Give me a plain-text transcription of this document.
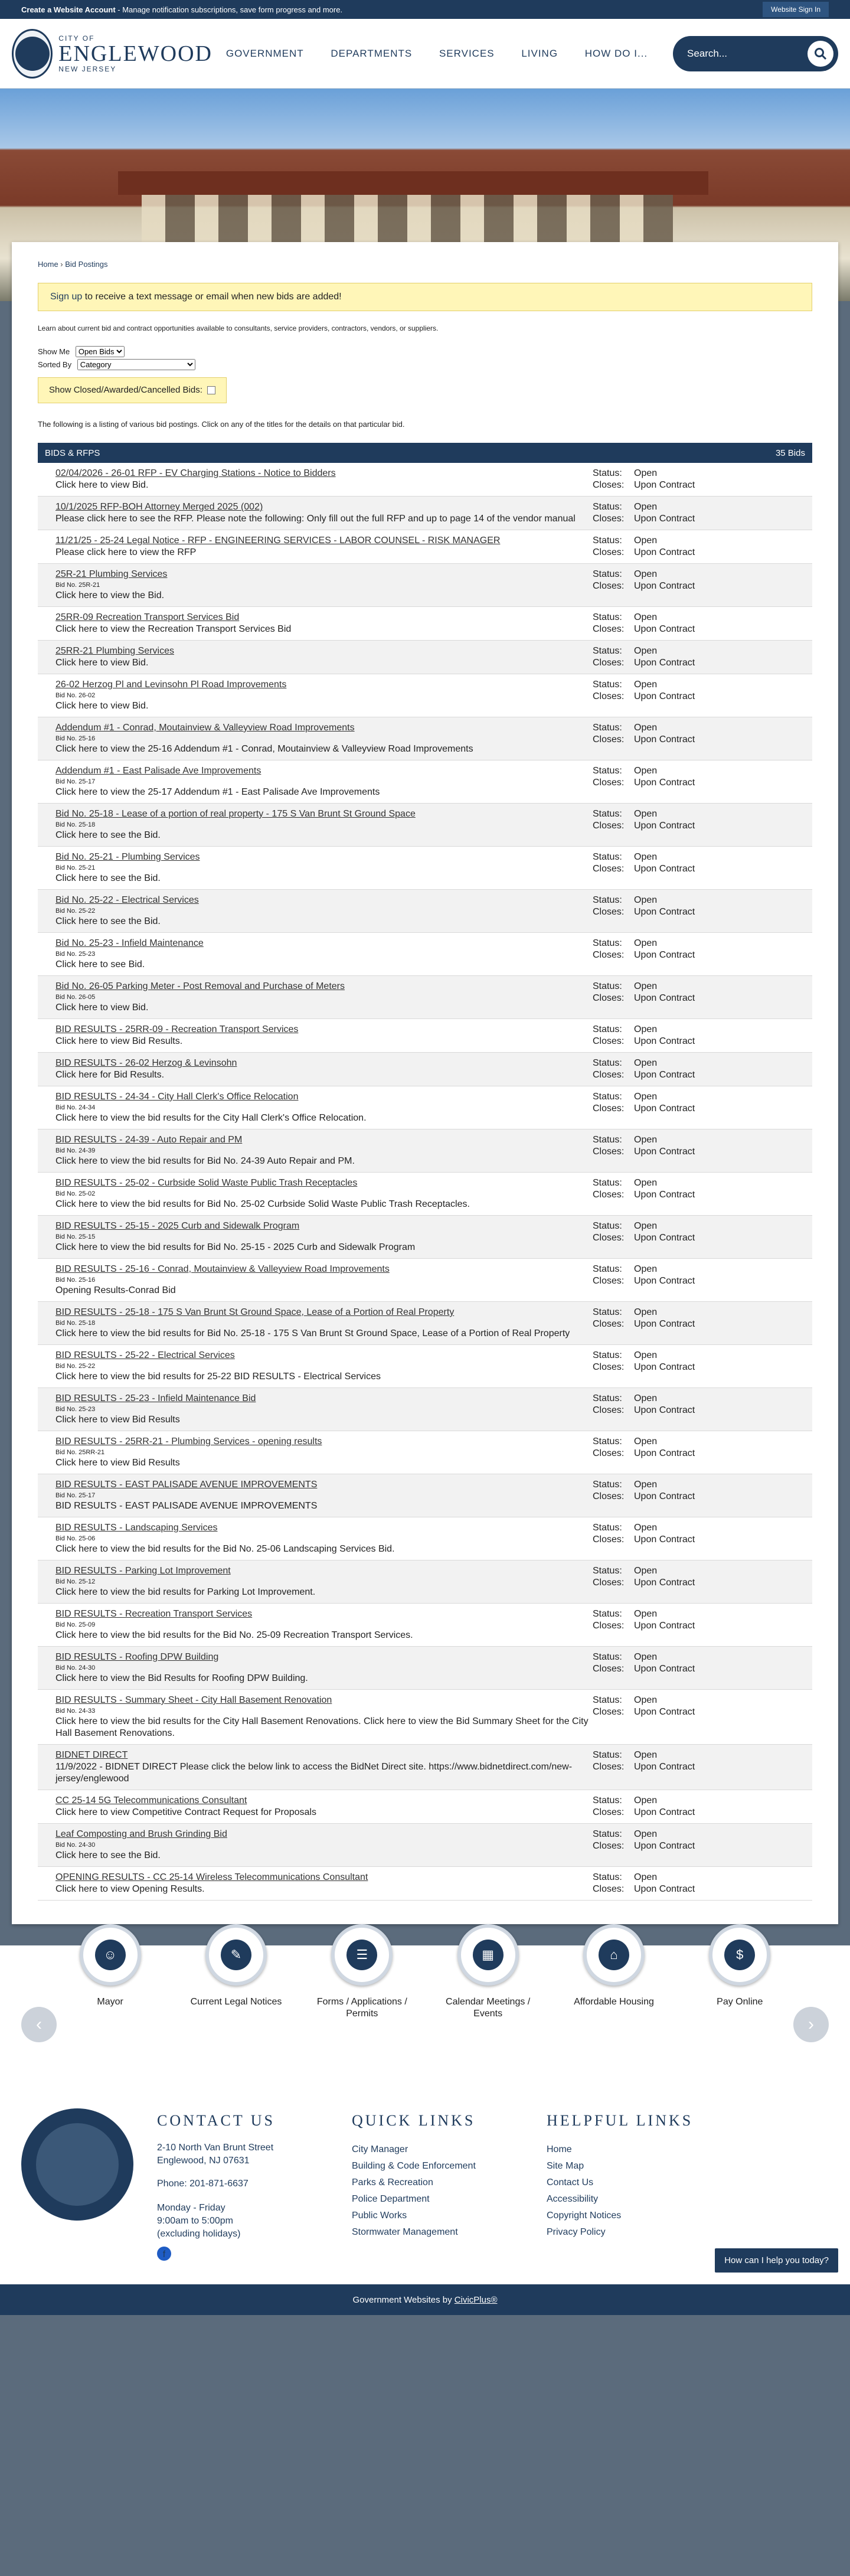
Create a Website Account - Manage notification subscriptions, save form progress and more.	Website Sign In
CITY OF
ENGLEWOOD
NEW JERSEY
GOVERNMENT	DEPARTMENTS	SERVICES	LIVING	HOW DO I...	Search...
Home › Bid Postings
Sign up to receive a text message or email when new bids are added!
Learn about current bid and contract opportunities available to consultants, service providers, contractors, vendors, or suppliers.
Show Me
Open Bids
Sorted By
Category
Show Closed/Awarded/Cancelled Bids:
The following is a listing of various bid postings. Click on any of the titles for the details on that particular bid.
BIDS & RFPS	35 Bids
02/04/2026 - 26-01 RFP - EV Charging Stations - Notice to Bidders
Click here to view Bid.
Status: Open
Closes: Upon Contract
10/1/2025 RFP-BOH Attorney Merged 2025 (002)
Please click here to see the RFP. Please note the following: Only fill out the full RFP and up to page 14 of the vendor manual
Status: Open
Closes: Upon Contract
11/21/25 - 25-24 Legal Notice - RFP - ENGINEERING SERVICES - LABOR COUNSEL - RISK MANAGER
Please click here to view the RFP
Status: Open
Closes: Upon Contract
25R-21 Plumbing Services
Bid No. 25R-21
Click here to view the Bid.
Status: Open
Closes: Upon Contract
25RR-09 Recreation Transport Services Bid
Click here to view the Recreation Transport Services Bid
Status: Open
Closes: Upon Contract
25RR-21 Plumbing Services
Click here to view Bid.
Status: Open
Closes: Upon Contract
26-02 Herzog Pl and Levinsohn Pl Road Improvements
Bid No. 26-02
Click here to view Bid.
Status: Open
Closes: Upon Contract
Addendum #1 - Conrad, Moutainview & Valleyview Road Improvements
Bid No. 25-16
Click here to view the 25-16 Addendum #1 - Conrad, Moutainview & Valleyview Road Improvements
Status: Open
Closes: Upon Contract
Addendum #1 - East Palisade Ave Improvements
Bid No. 25-17
Click here to view the 25-17 Addendum #1 - East Palisade Ave Improvements
Status: Open
Closes: Upon Contract
Bid No. 25-18 - Lease of a portion of real property - 175 S Van Brunt St Ground Space
Bid No. 25-18
Click here to see the Bid.
Status: Open
Closes: Upon Contract
Bid No. 25-21 - Plumbing Services
Bid No. 25-21
Click here to see the Bid.
Status: Open
Closes: Upon Contract
Bid No. 25-22 - Electrical Services
Bid No. 25-22
Click here to see the Bid.
Status: Open
Closes: Upon Contract
Bid No. 25-23 - Infield Maintenance
Bid No. 25-23
Click here to see Bid.
Status: Open
Closes: Upon Contract
Bid No. 26-05 Parking Meter - Post Removal and Purchase of Meters
Bid No. 26-05
Click here to view Bid.
Status: Open
Closes: Upon Contract
BID RESULTS - 25RR-09 - Recreation Transport Services
Click here to view Bid Results.
Status: Open
Closes: Upon Contract
BID RESULTS - 26-02 Herzog & Levinsohn
Click here for Bid Results.
Status: Open
Closes: Upon Contract
BID RESULTS - 24-34 - City Hall Clerk's Office Relocation
Bid No. 24-34
Click here to view the bid results for the City Hall Clerk's Office Relocation.
Status: Open
Closes: Upon Contract
BID RESULTS - 24-39 - Auto Repair and PM
Bid No. 24-39
Click here to view the bid results for Bid No. 24-39 Auto Repair and PM.
Status: Open
Closes: Upon Contract
BID RESULTS - 25-02 - Curbside Solid Waste Public Trash Receptacles
Bid No. 25-02
Click here to view the bid results for Bid No. 25-02 Curbside Solid Waste Public Trash Receptacles.
Status: Open
Closes: Upon Contract
BID RESULTS - 25-15 - 2025 Curb and Sidewalk Program
Bid No. 25-15
Click here to view the bid results for Bid No. 25-15 - 2025 Curb and Sidewalk Program
Status: Open
Closes: Upon Contract
BID RESULTS - 25-16 - Conrad, Moutainview & Valleyview Road Improvements
Bid No. 25-16
Opening Results-Conrad Bid
Status: Open
Closes: Upon Contract
BID RESULTS - 25-18 - 175 S Van Brunt St Ground Space, Lease of a Portion of Real Property
Bid No. 25-18
Click here to view the bid results for Bid No. 25-18 - 175 S Van Brunt St Ground Space, Lease of a Portion of Real Property
Status: Open
Closes: Upon Contract
BID RESULTS - 25-22 - Electrical Services
Bid No. 25-22
Click here to view the bid results for 25-22 BID RESULTS - Electrical Services
Status: Open
Closes: Upon Contract
BID RESULTS - 25-23 - Infield Maintenance Bid
Bid No. 25-23
Click here to view Bid Results
Status: Open
Closes: Upon Contract
BID RESULTS - 25RR-21 - Plumbing Services - opening results
Bid No. 25RR-21
Click here to view Bid Results
Status: Open
Closes: Upon Contract
BID RESULTS - EAST PALISADE AVENUE IMPROVEMENTS
Bid No. 25-17
BID RESULTS - EAST PALISADE AVENUE IMPROVEMENTS
Status: Open
Closes: Upon Contract
BID RESULTS - Landscaping Services
Bid No. 25-06
Click here to view the bid results for the Bid No. 25-06 Landscaping Services Bid.
Status: Open
Closes: Upon Contract
BID RESULTS - Parking Lot Improvement
Bid No. 25-12
Click here to view the bid results for Parking Lot Improvement.
Status: Open
Closes: Upon Contract
BID RESULTS - Recreation Transport Services
Bid No. 25-09
Click here to view the bid results for the Bid No. 25-09 Recreation Transport Services.
Status: Open
Closes: Upon Contract
BID RESULTS - Roofing DPW Building
Bid No. 24-30
Click here to view the Bid Results for Roofing DPW Building.
Status: Open
Closes: Upon Contract
BID RESULTS - Summary Sheet - City Hall Basement Renovation
Bid No. 24-33
Click here to view the bid results for the City Hall Basement Renovations. Click here to view the Bid Summary Sheet for the City Hall Basement Renovations.
Status: Open
Closes: Upon Contract
BIDNET DIRECT
11/9/2022 - BIDNET DIRECT Please click the below link to access the BidNet Direct site. https://www.bidnetdirect.com/new-jersey/englewood
Status: Open
Closes: Upon Contract
CC 25-14 5G Telecommunications Consultant
Click here to view Competitive Contract Request for Proposals
Status: Open
Closes: Upon Contract
Leaf Composting and Brush Grinding Bid
Bid No. 24-30
Click here to see the Bid.
Status: Open
Closes: Upon Contract
OPENING RESULTS - CC 25-14 Wireless Telecommunications Consultant
Click here to view Opening Results.
Status: Open
Closes: Upon Contract
☺
Mayor
✎
Current Legal Notices
☰
Forms / Applications / Permits
▦
Calendar Meetings / Events
⌂
Affordable Housing
$
Pay Online
‹	›
CONTACT US
2-10 North Van Brunt Street
Englewood, NJ 07631
Phone: 201-871-6637
Monday - Friday
9:00am to 5:00pm
(excluding holidays)
f
QUICK LINKS
City Manager
Building & Code Enforcement
Parks & Recreation
Police Department
Public Works
Stormwater Management
HELPFUL LINKS
Home
Site Map
Contact Us
Accessibility
Copyright Notices
Privacy Policy
How can I help you today?
Government Websites by
CivicPlus®
